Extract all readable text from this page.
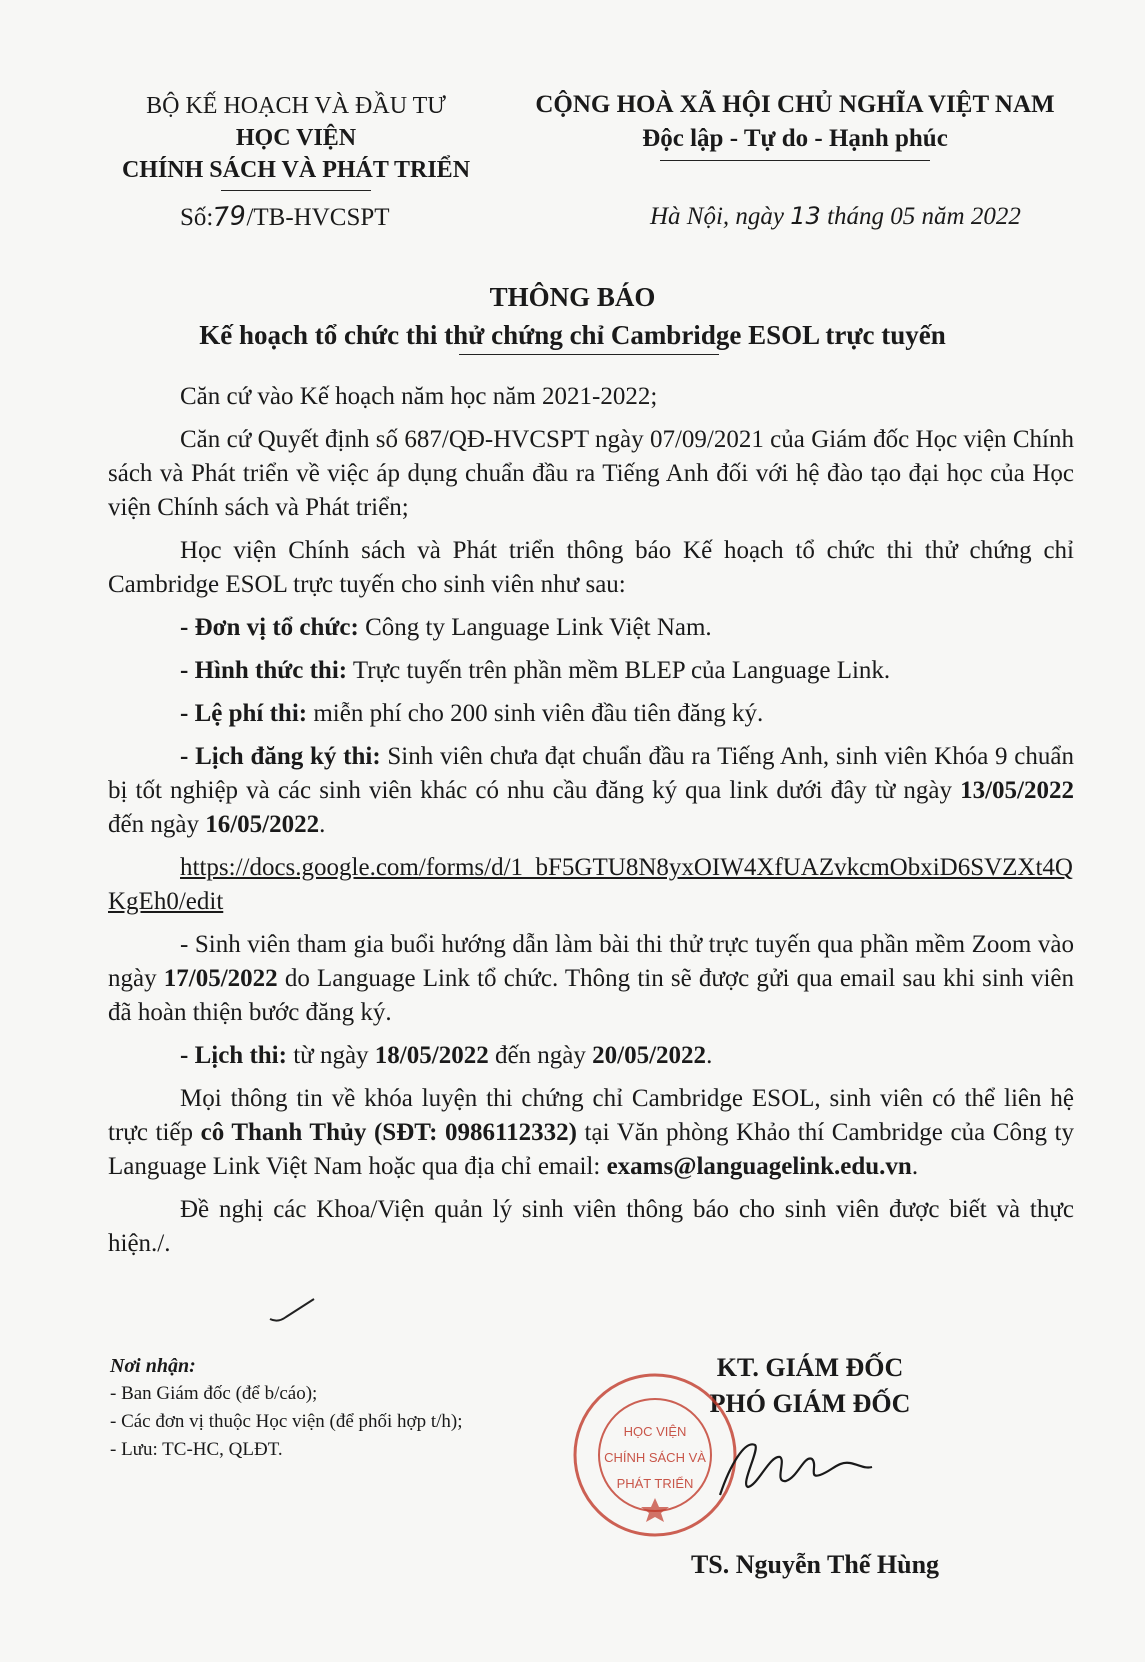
BỘ KẾ HOẠCH VÀ ĐẦU TƯ
HỌC VIỆN
CHÍNH SÁCH VÀ PHÁT TRIỂN
CỘNG HOÀ XÃ HỘI CHỦ NGHĨA VIỆT NAM
Độc lập - Tự do - Hạnh phúc
Số:79/TB-HVCSPT	Hà Nội, ngày 13 tháng 05 năm 2022
THÔNG BÁO
Kế hoạch tổ chức thi thử chứng chỉ Cambridge ESOL trực tuyến

Căn cứ vào Kế hoạch năm học năm 2021-2022;

Căn cứ Quyết định số 687/QĐ-HVCSPT ngày 07/09/2021 của Giám đốc Học viện Chính sách và Phát triển về việc áp dụng chuẩn đầu ra Tiếng Anh đối với hệ đào tạo đại học của Học viện Chính sách và Phát triển;

Học viện Chính sách và Phát triển thông báo Kế hoạch tổ chức thi thử chứng chỉ Cambridge ESOL trực tuyến cho sinh viên như sau:

- Đơn vị tổ chức: Công ty Language Link Việt Nam.

- Hình thức thi: Trực tuyến trên phần mềm BLEP của Language Link.

- Lệ phí thi: miễn phí cho 200 sinh viên đầu tiên đăng ký.

- Lịch đăng ký thi: Sinh viên chưa đạt chuẩn đầu ra Tiếng Anh, sinh viên Khóa 9 chuẩn bị tốt nghiệp và các sinh viên khác có nhu cầu đăng ký qua link dưới đây từ ngày 13/05/2022 đến ngày 16/05/2022.

https://docs.google.com/forms/d/1_bF5GTU8N8yxOIW4XfUAZvkcmObxiD6SVZXt4QKgEh0/edit

- Sinh viên tham gia buổi hướng dẫn làm bài thi thử trực tuyến qua phần mềm Zoom vào ngày 17/05/2022 do Language Link tổ chức. Thông tin sẽ được gửi qua email sau khi sinh viên đã hoàn thiện bước đăng ký.

- Lịch thi: từ ngày 18/05/2022 đến ngày 20/05/2022.

Mọi thông tin về khóa luyện thi chứng chỉ Cambridge ESOL, sinh viên có thể liên hệ trực tiếp cô Thanh Thủy (SĐT: 0986112332) tại Văn phòng Khảo thí Cambridge của Công ty Language Link Việt Nam hoặc qua địa chỉ email: exams@languagelink.edu.vn.

Đề nghị các Khoa/Viện quản lý sinh viên thông báo cho sinh viên được biết và thực hiện./.

Nơi nhận:
- Ban Giám đốc (để b/cáo);
- Các đơn vị thuộc Học viện (để phối hợp t/h);
- Lưu: TC-HC, QLĐT.
KT. GIÁM ĐỐC
PHÓ GIÁM ĐỐC
HỌC VIỆN
CHÍNH SÁCH VÀ
PHÁT TRIỂN
TS. Nguyễn Thế Hùng
